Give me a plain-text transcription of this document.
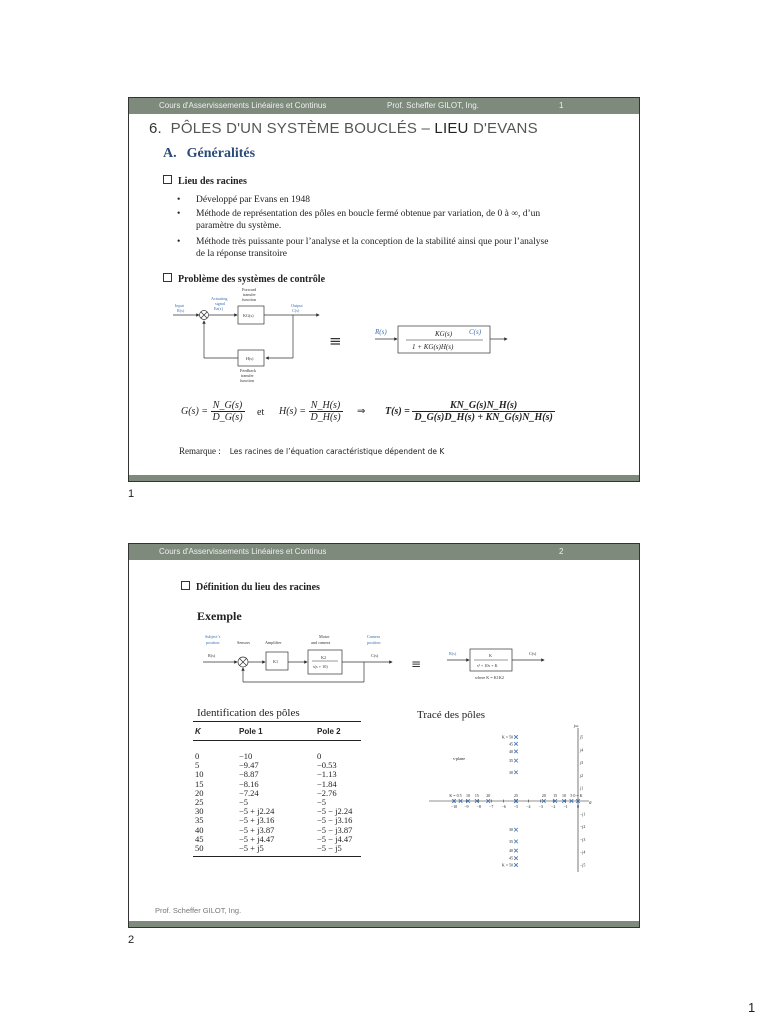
Cours d'Asservissements Linéaires et Continus	Prof. Scheffer GILOT, Ing.	1
6. PÔLES D'UN SYSTÈME BOUCLÉS – LIEU D'EVANS
A. Généralités
Lieu des racines
• Développé par Evans en 1948
• Méthode de représentation des pôles en boucle fermé obtenue par variation, de 0 à ∞, d’un
paramètre du système.
• Méthode très puissante pour l’analyse et la conception de la stabilité ainsi que pour l’analyse
de la réponse transitoire
Problème des systèmes de contrôle
Input
R(s)
Actuating
signal
Ea(s)
Forward
transfer
function
KG(s)
Output
C(s)
H(s)
Feedback
transfer
function
≡	R(s)	KG(s)
1 + KG(s)H(s)
C(s)
$G(s) = \frac{N\_G(s)}{D\_G(s)}$ et $H(s) = \frac{N\_H(s)}{D\_H(s)}$ ⇒ $T(s) = \frac{KN\_G(s)N\_H(s)}{D\_G(s)D\_H(s) + KN\_G(s)N\_H(s)}$
Remarque : Les racines de l’équation caractéristique dépendent de K
1
Cours d'Asservissements Linéaires et Continus	2
Définition du lieu des racines
Exemple
Subject’s
position
R(s)
Sensors	Amplifier
K1
Motor
and camera
K2
s(s + 10)
Camera
position
C(s)
≡
R(s)	K
s² + 10s + K
C(s)
where K = K1K2
Identification des pôles	Tracé des pôles
K	Pole 1	Pole 2
0	−10	0
5	−9.47	−0.53
10	−8.87	−1.13
15	−8.16	−1.84
20	−7.24	−2.76
25	−5	−5
30	−5 + j2.24	−5 − j2.24
35	−5 + j3.16	−5 − j3.16
40	−5 + j3.87	−5 − j3.87
45	−5 + j4.47	−5 − j4.47
50	−5 + j5	−5 − j5
jω
σ
s-plane
−10 −9 −8 −7 −6 −5 −4 −3 −2 −1 0
j1
j2
j3
j4
j5
−j1
−j2
−j3
−j4
−j5
K = 50
45
40
35
30
30
35
40
45
K = 50
K = 0 5 10 15 20	25	20 15 10 5 0 = K
Prof. Scheffer GILOT, Ing.
2
1
